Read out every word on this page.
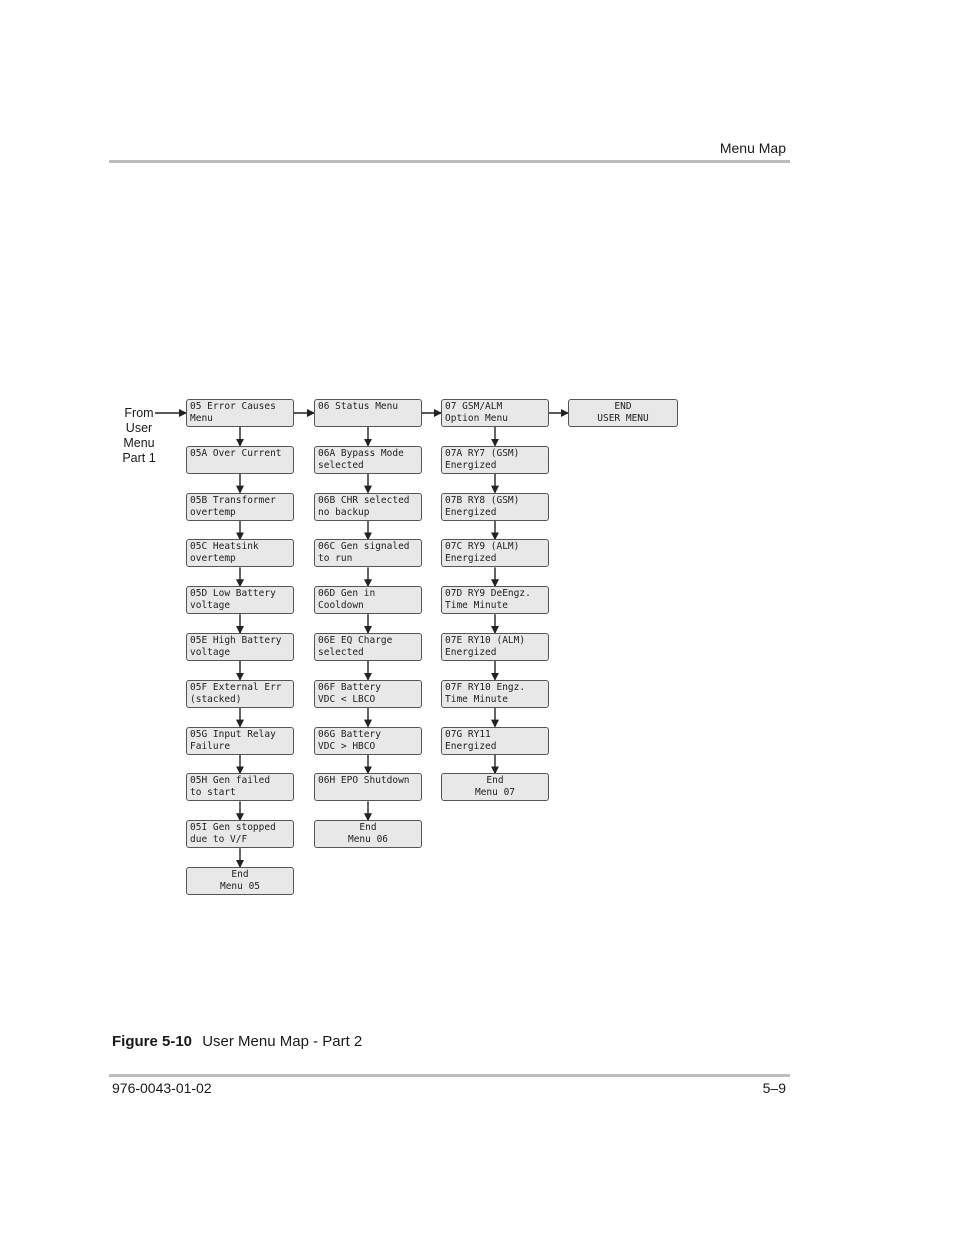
Menu Map
From
User
Menu
Part 1
05 Error Causes
Menu
05A Over Current

05B Transformer
overtemp
05C Heatsink
overtemp
05D Low Battery
voltage
05E High Battery
voltage
05F External Err
(stacked)
05G Input Relay
Failure
05H Gen failed
to start
05I Gen stopped
due to V/F
End
Menu 05
06 Status Menu

06A Bypass Mode
selected
06B CHR selected
no backup
06C Gen signaled
to run
06D Gen in
Cooldown
06E EQ Charge
selected
06F Battery
VDC < LBCO
06G Battery
VDC > HBCO
06H EPO Shutdown

End
Menu 06
07 GSM/ALM
Option Menu
07A RY7 (GSM)
Energized
07B RY8 (GSM)
Energized
07C RY9 (ALM)
Energized
07D RY9 DeEngz.
Time Minute
07E RY10 (ALM)
Energized
07F RY10 Engz.
Time Minute
07G RY11
Energized
End
Menu 07
END
USER MENU
Figure 5-10 User Menu Map - Part 2
976-0043-01-02	5–9
